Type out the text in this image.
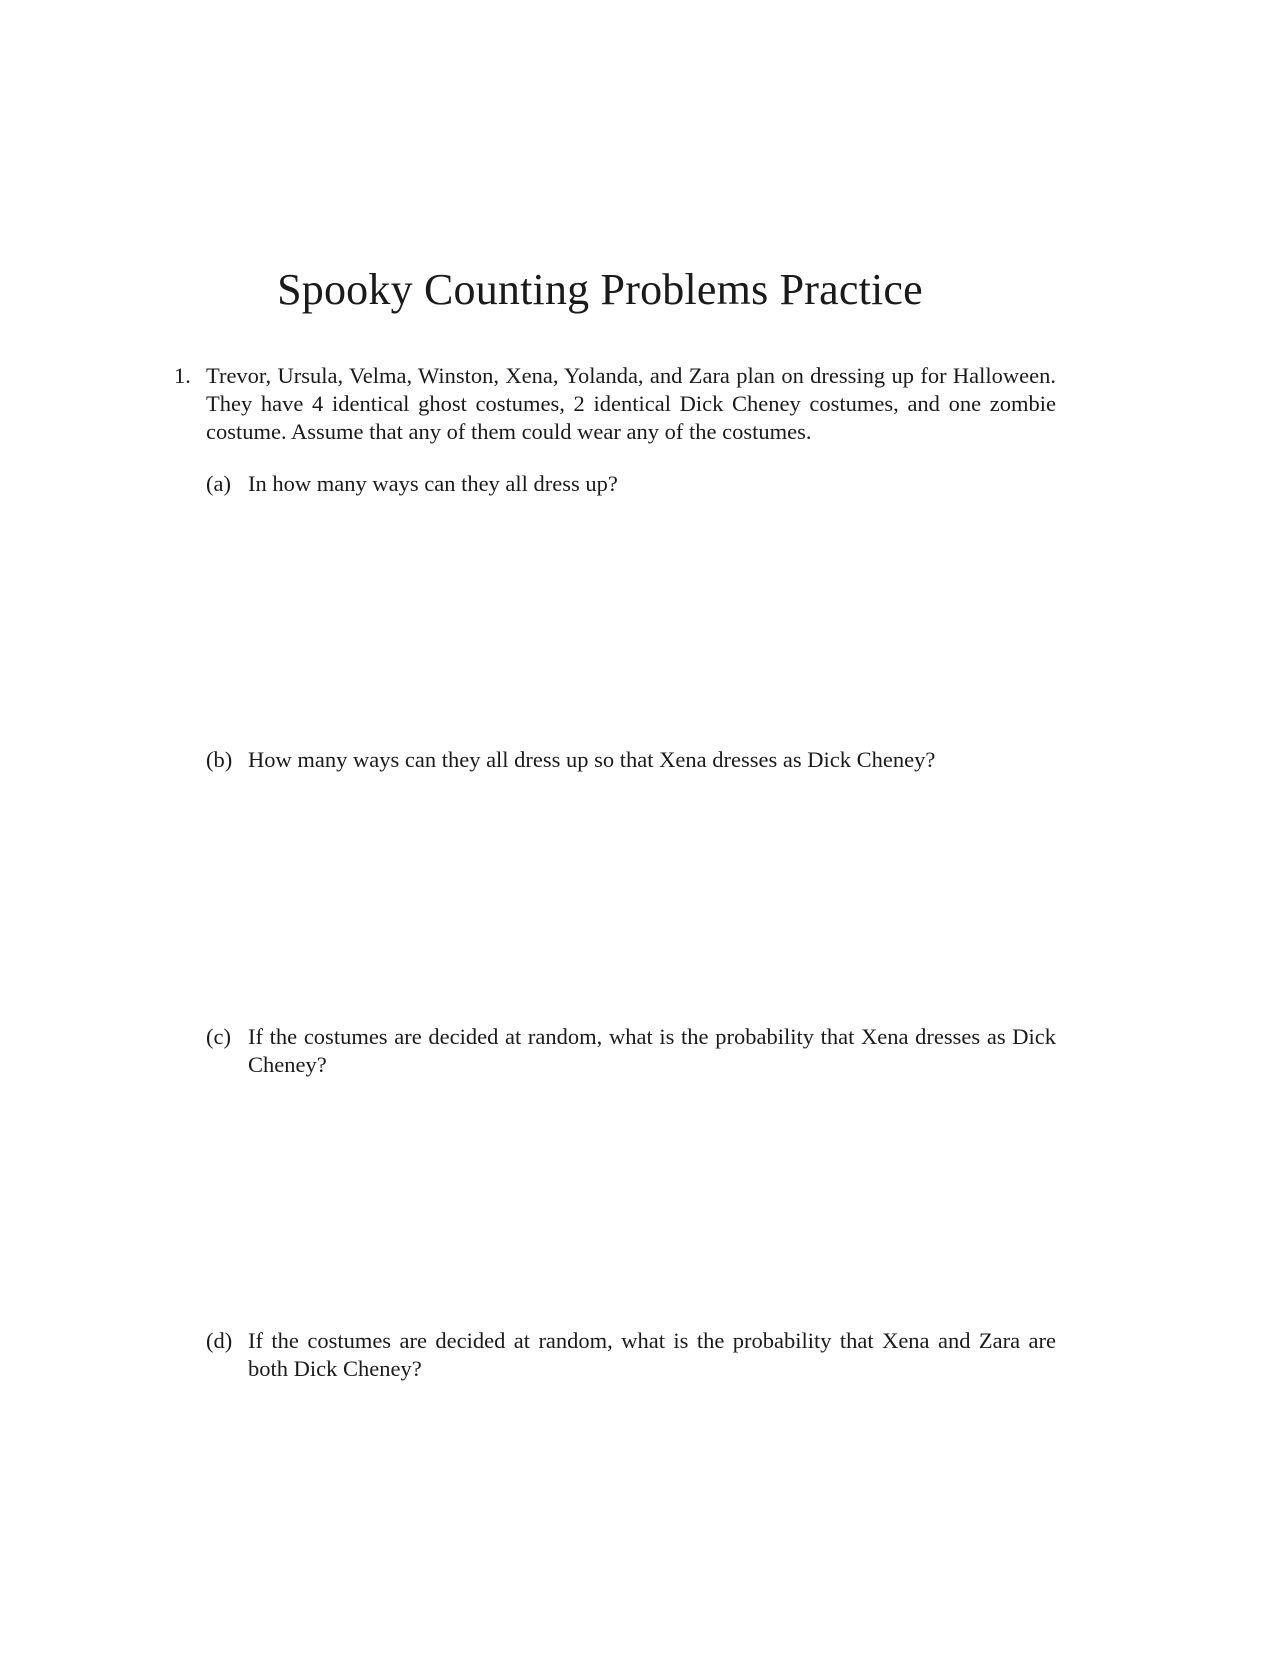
Spooky Counting Problems Practice
1. Trevor, Ursula, Velma, Winston, Xena, Yolanda, and Zara plan on dressing up for Halloween. They have 4 identical ghost costumes, 2 identical Dick Cheney costumes, and one zombie costume. Assume that any of them could wear any of the costumes.
(a) In how many ways can they all dress up?
(b) How many ways can they all dress up so that Xena dresses as Dick Cheney?
(c) If the costumes are decided at random, what is the probability that Xena dresses as Dick Cheney?
(d) If the costumes are decided at random, what is the probability that Xena and Zara are both Dick Cheney?
